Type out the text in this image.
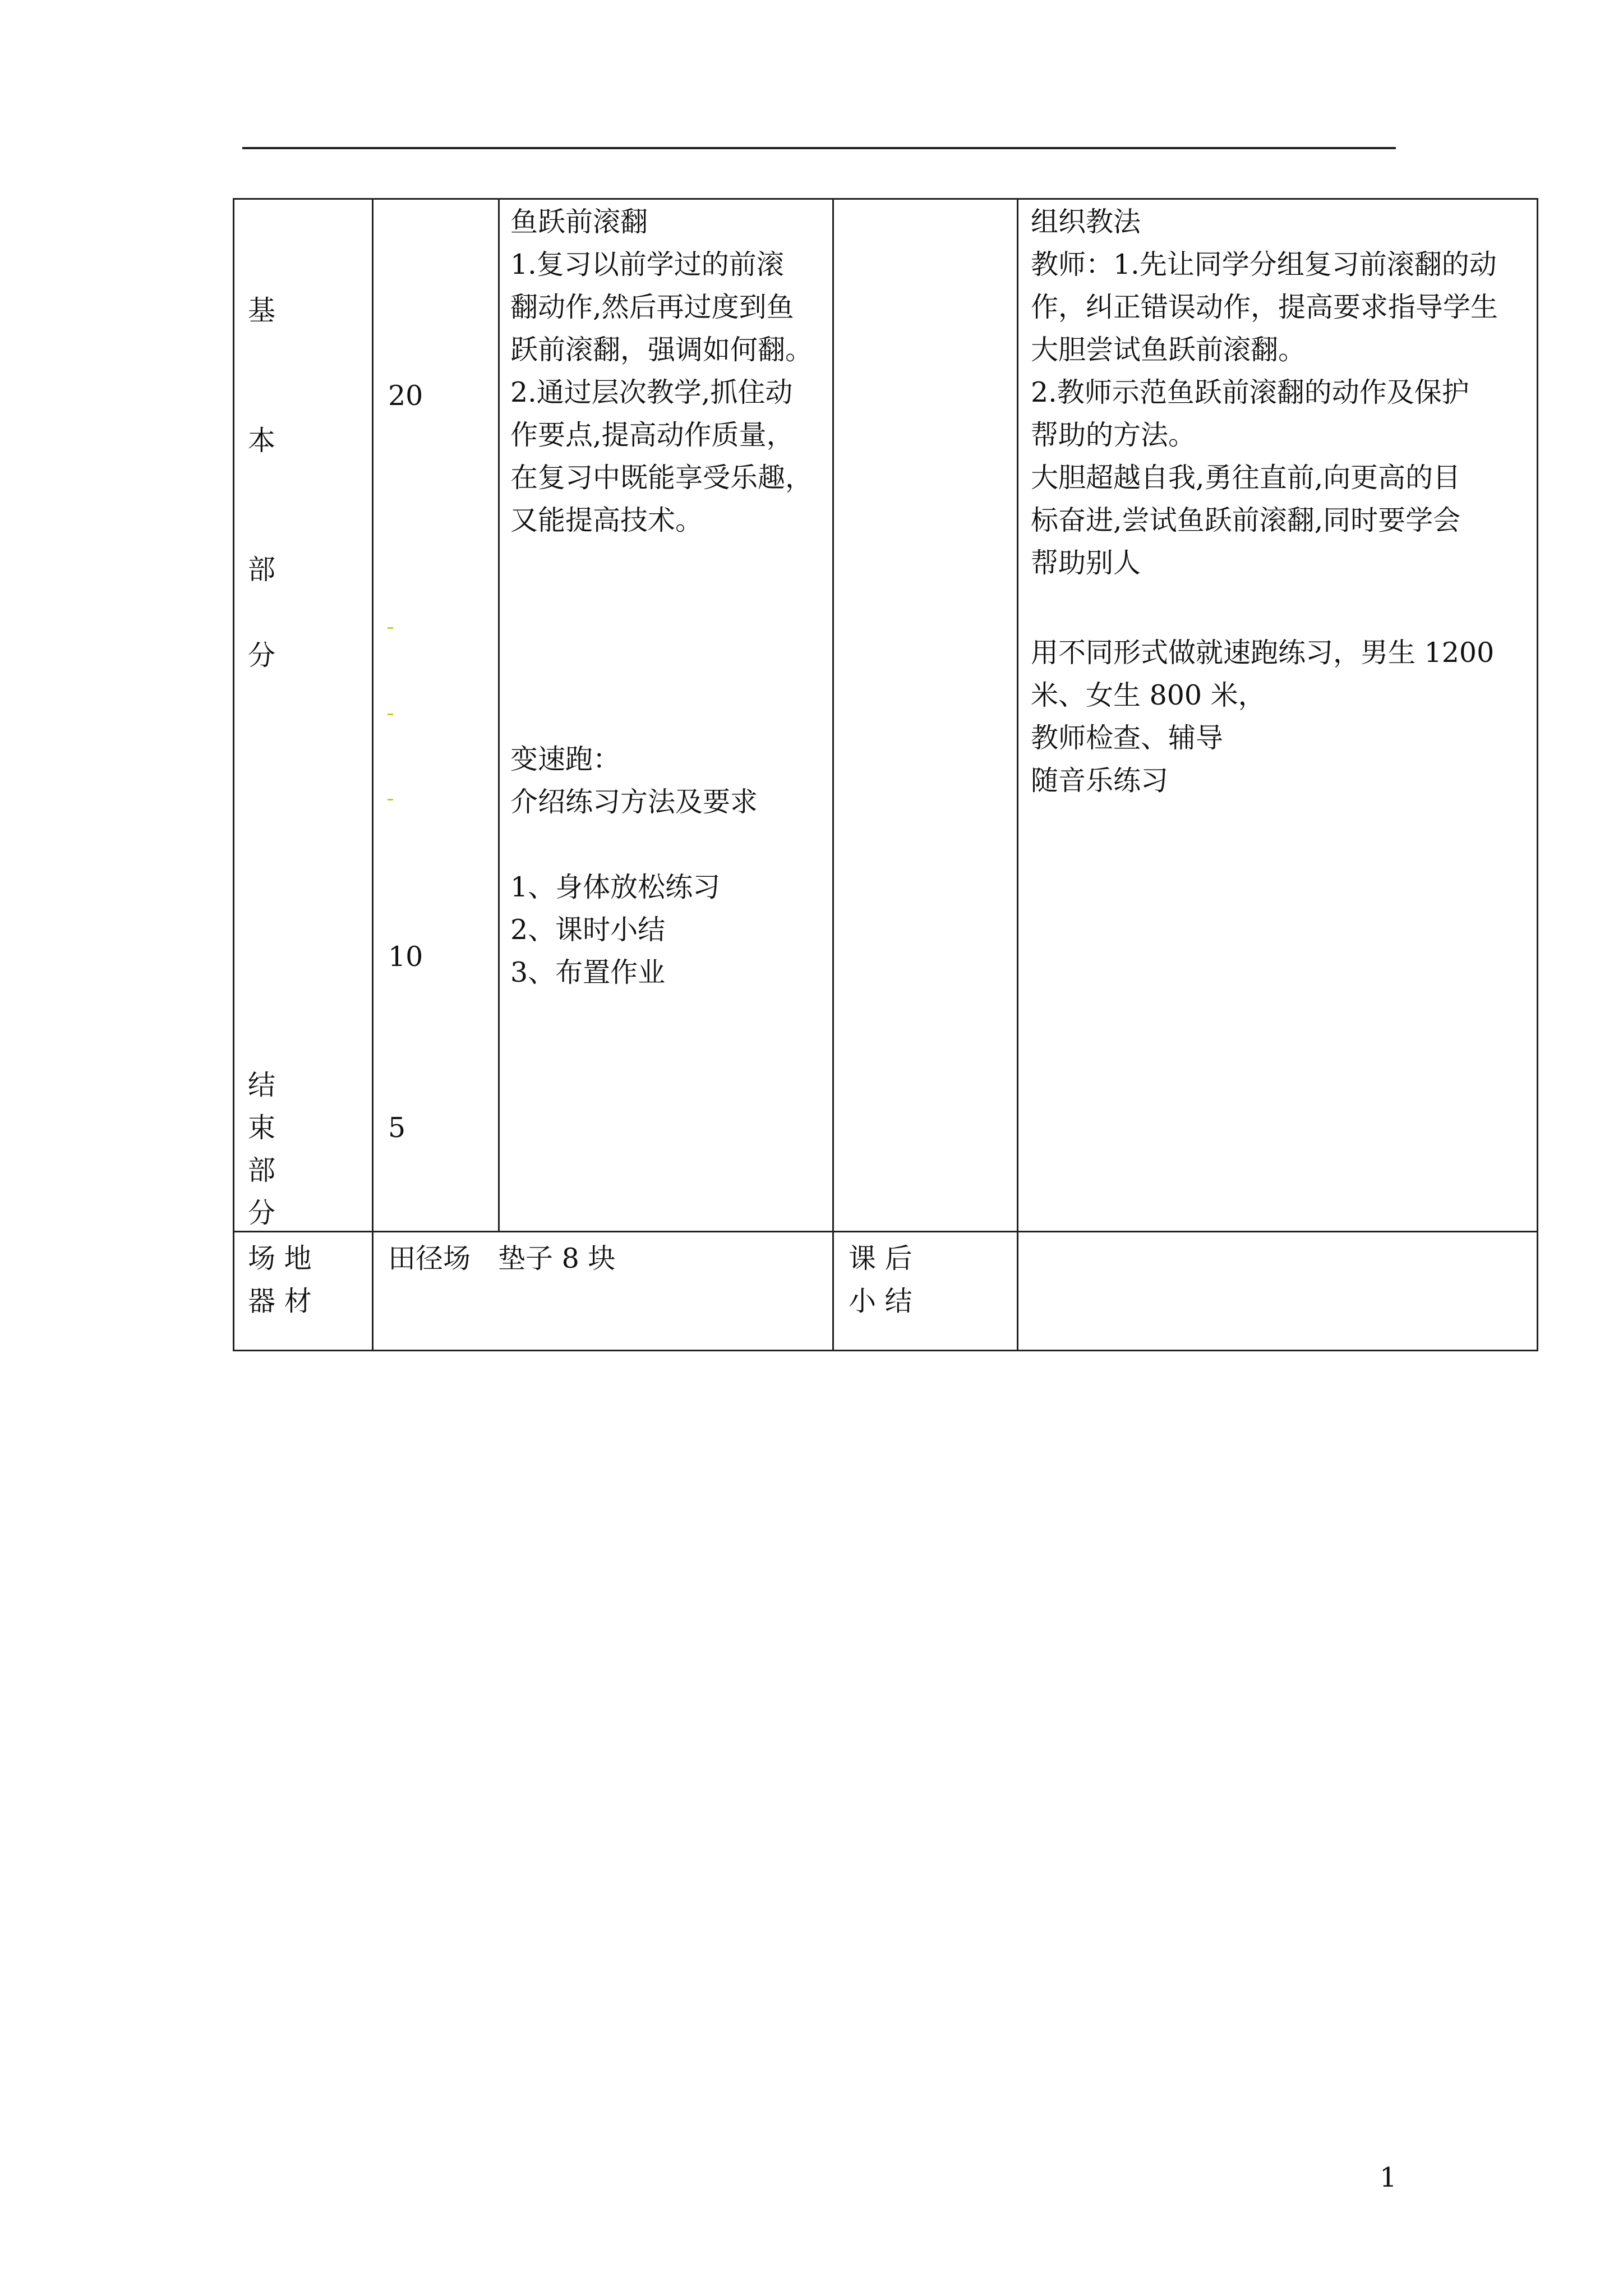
基
本
部
分
结
束
部
分
20
10
5
鱼跃前滚翻
1.复习以前学过的前滚
翻动作,然后再过度到鱼
跃前滚翻，强调如何翻。
2.通过层次教学,抓住动
作要点,提高动作质量，
在复习中既能享受乐趣，
又能提高技术。
变速跑：
介绍练习方法及要求
1、身体放松练习
2、课时小结
3、布置作业
组织教法
教师：1.先让同学分组复习前滚翻的动
作，纠正错误动作，提高要求指导学生
大胆尝试鱼跃前滚翻。
2.教师示范鱼跃前滚翻的动作及保护
帮助的方法。
大胆超越自我,勇往直前,向更高的目
标奋进,尝试鱼跃前滚翻,同时要学会
帮助别人
用不同形式做就速跑练习，男生 1200
米、女生 800 米，
教师检查、辅导
随音乐练习
场 地
器 材
田径场　垫子 8 块	课 后
小 结
1
